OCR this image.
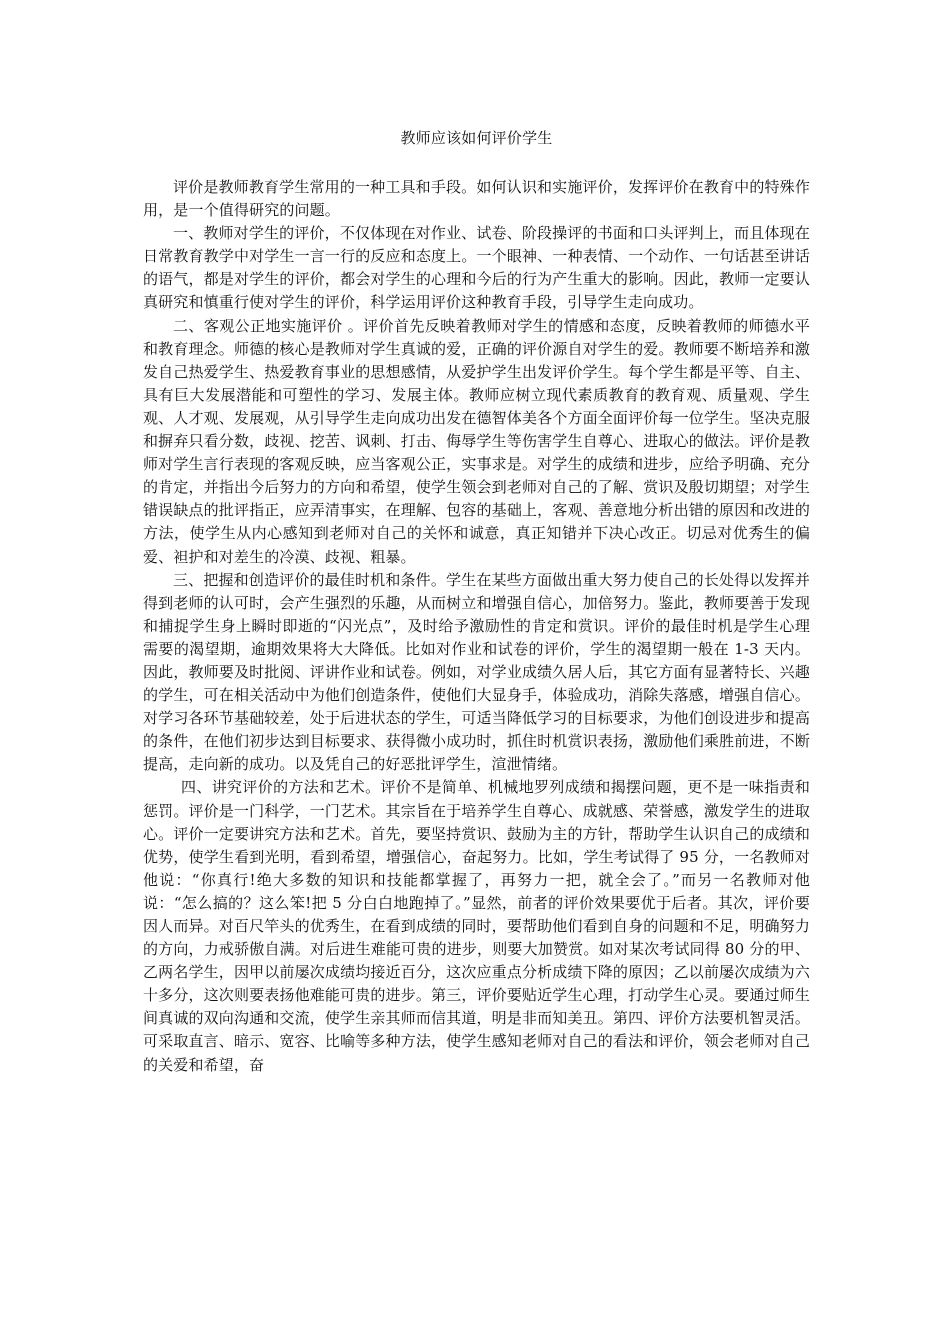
教师应该如何评价学生

评价是教师教育学生常用的一种工具和手段。如何认识和实施评价，发挥评价在教育中的特殊作用，是一个值得研究的问题。

一、教师对学生的评价，不仅体现在对作业、试卷、阶段操评的书面和口头评判上，而且体现在日常教育教学中对学生一言一行的反应和态度上。一个眼神、一种表情、一个动作、一句话甚至讲话的语气，都是对学生的评价，都会对学生的心理和今后的行为产生重大的影响。因此，教师一定要认真研究和慎重行使对学生的评价，科学运用评价这种教育手段，引导学生走向成功。

二、客观公正地实施评价 。评价首先反映着教师对学生的情感和态度，反映着教师的师德水平和教育理念。师德的核心是教师对学生真诚的爱，正确的评价源自对学生的爱。教师要不断培养和激发自己热爱学生、热爱教育事业的思想感情，从爱护学生出发评价学生。每个学生都是平等、自主、具有巨大发展潜能和可塑性的学习、发展主体。教师应树立现代素质教育的教育观、质量观、学生观、人才观、发展观，从引导学生走向成功出发在德智体美各个方面全面评价每一位学生。坚决克服和摒弃只看分数，歧视、挖苦、讽刺、打击、侮辱学生等伤害学生自尊心、进取心的做法。评价是教师对学生言行表现的客观反映，应当客观公正，实事求是。对学生的成绩和进步，应给予明确、充分的肯定，并指出今后努力的方向和希望，使学生领会到老师对自己的了解、赏识及殷切期望；对学生错误缺点的批评指正，应弄清事实，在理解、包容的基础上，客观、善意地分析出错的原因和改进的方法，使学生从内心感知到老师对自己的关怀和诚意，真正知错并下决心改正。切忌对优秀生的偏爱、袒护和对差生的冷漠、歧视、粗暴。

三、把握和创造评价的最佳时机和条件。学生在某些方面做出重大努力使自己的长处得以发挥并得到老师的认可时，会产生强烈的乐趣，从而树立和增强自信心，加倍努力。鉴此，教师要善于发现和捕捉学生身上瞬时即逝的“闪光点”，及时给予激励性的肯定和赏识。评价的最佳时机是学生心理需要的渴望期，逾期效果将大大降低。比如对作业和试卷的评价，学生的渴望期一般在 1-3 天内。因此，教师要及时批阅、评讲作业和试卷。例如，对学业成绩久居人后，其它方面有显著特长、兴趣的学生，可在相关活动中为他们创造条件，使他们大显身手，体验成功，消除失落感，增强自信心。对学习各环节基础较差，处于后进状态的学生，可适当降低学习的目标要求，为他们创设进步和提高的条件，在他们初步达到目标要求、获得微小成功时，抓住时机赏识表扬，激励他们乘胜前进，不断提高，走向新的成功。以及凭自己的好恶批评学生，渲泄情绪。

四、讲究评价的方法和艺术。评价不是简单、机械地罗列成绩和揭摆问题，更不是一味指责和惩罚。评价是一门科学，一门艺术。其宗旨在于培养学生自尊心、成就感、荣誉感，激发学生的进取心。评价一定要讲究方法和艺术。首先，要坚持赏识、鼓励为主的方针，帮助学生认识自己的成绩和优势，使学生看到光明，看到希望，增强信心，奋起努力。比如，学生考试得了 95 分，一名教师对他说：“你真行!绝大多数的知识和技能都掌握了，再努力一把，就全会了。”而另一名教师对他说：“怎么搞的？这么笨!把 5 分白白地跑掉了。”显然，前者的评价效果要优于后者。其次，评价要因人而异。对百尺竿头的优秀生，在看到成绩的同时，要帮助他们看到自身的问题和不足，明确努力的方向，力戒骄傲自满。对后进生难能可贵的进步，则要大加赞赏。如对某次考试同得 80 分的甲、乙两名学生，因甲以前屡次成绩均接近百分，这次应重点分析成绩下降的原因；乙以前屡次成绩为六十多分，这次则要表扬他难能可贵的进步。第三，评价要贴近学生心理，打动学生心灵。要通过师生间真诚的双向沟通和交流，使学生亲其师而信其道，明是非而知美丑。第四、评价方法要机智灵活。可采取直言、暗示、宽容、比喻等多种方法，使学生感知老师对自己的看法和评价，领会老师对自己的关爱和希望，奋
